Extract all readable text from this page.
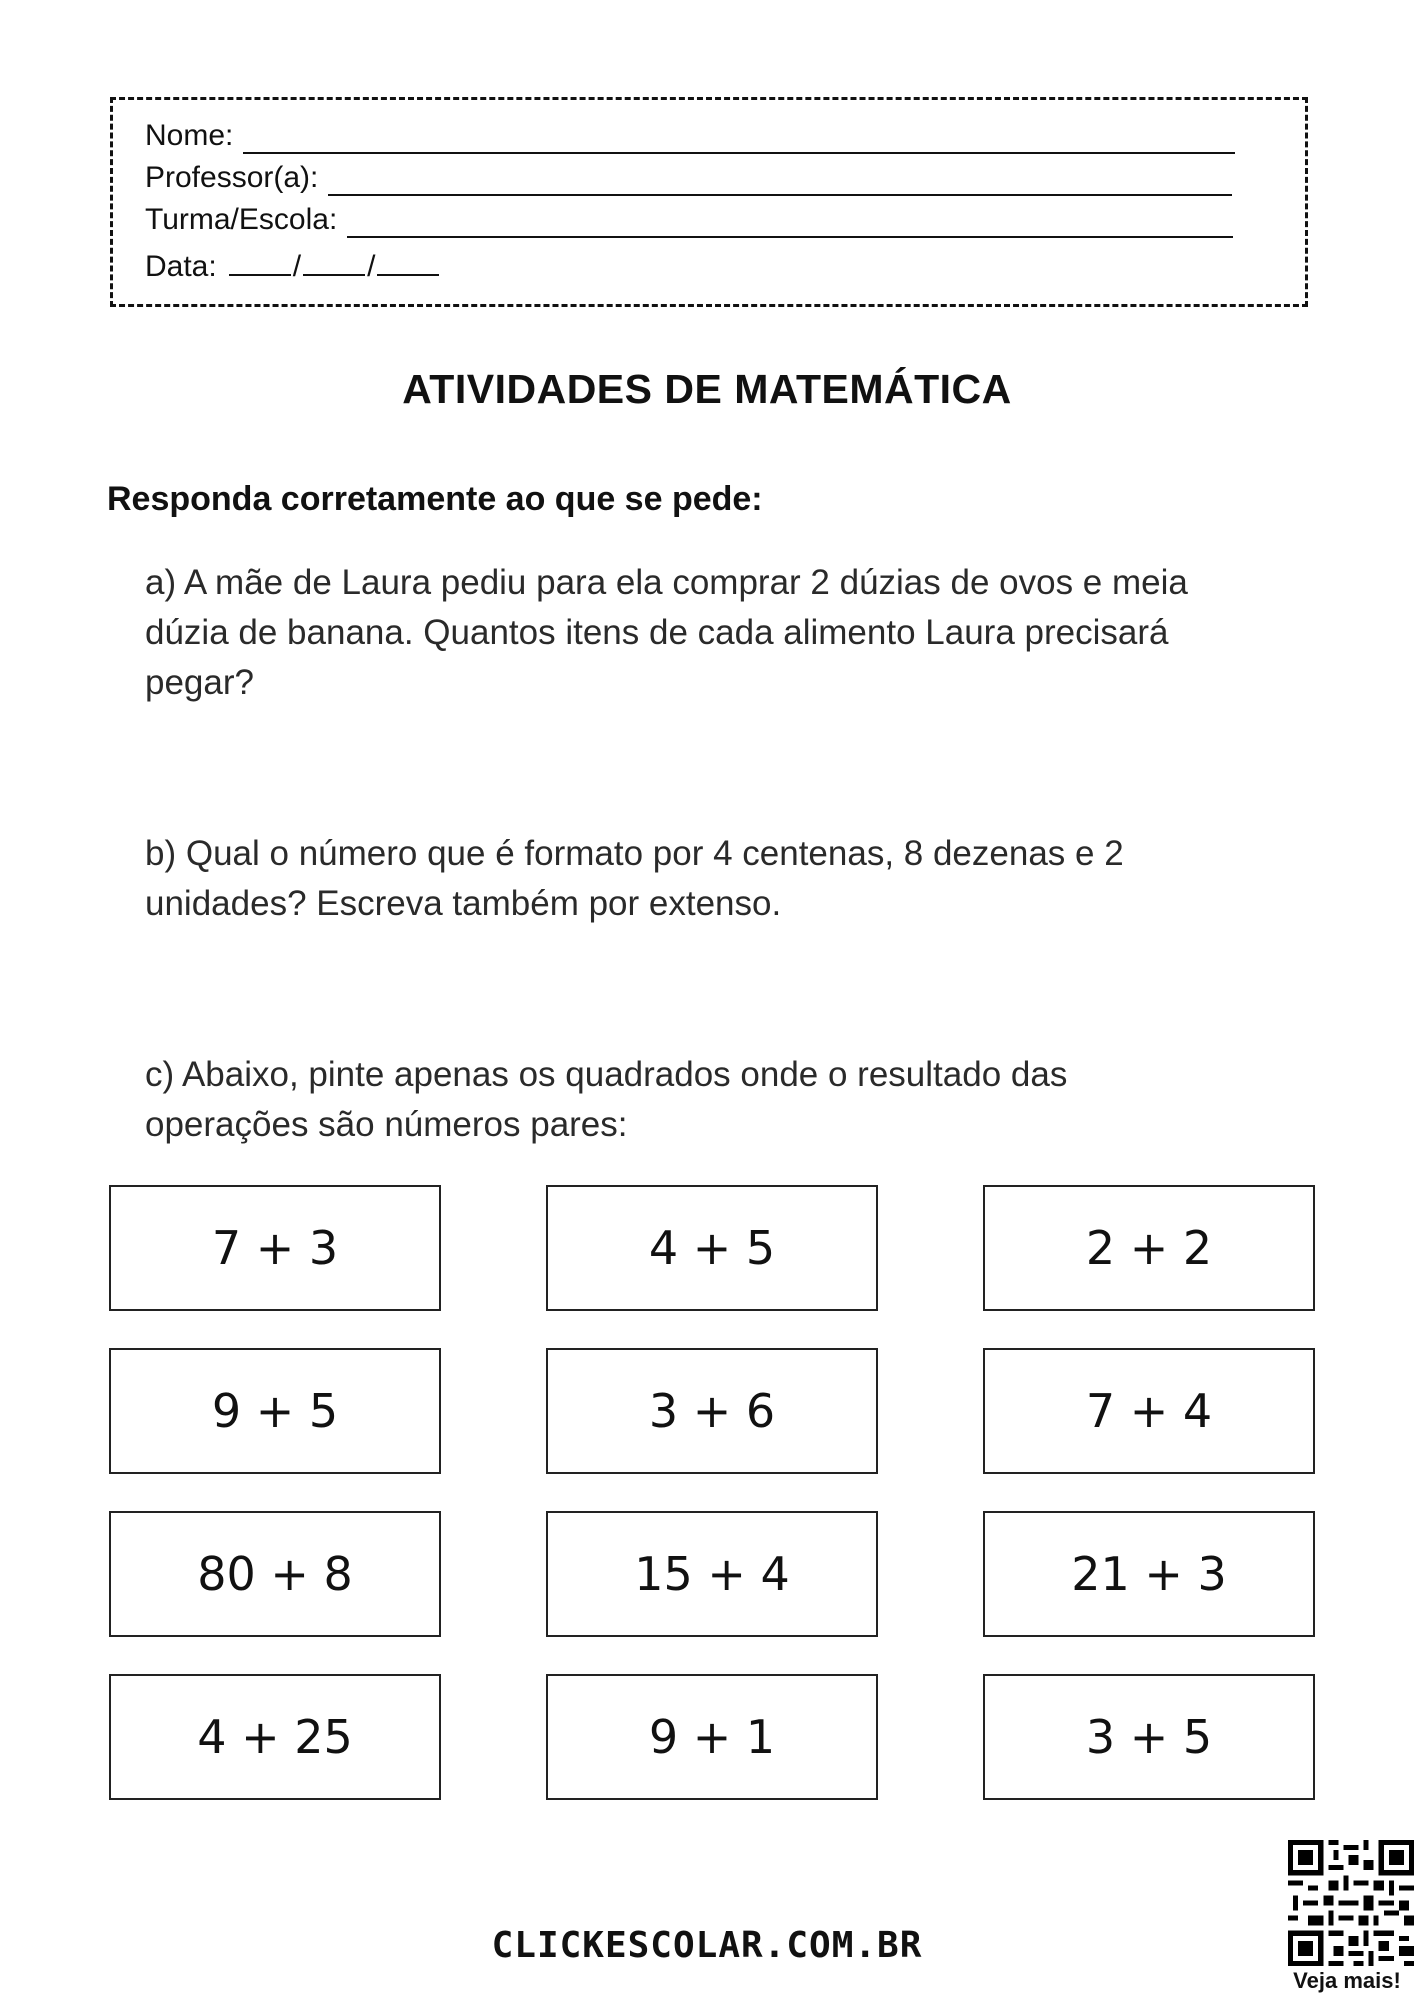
Nome:
Professor(a):
Turma/Escola:
Data:	/ /
ATIVIDADES DE MATEMÁTICA
Responda corretamente ao que se pede:
a) A mãe de Laura pediu para ela comprar 2 dúzias de ovos e meia
dúzia de banana. Quantos itens de cada alimento Laura precisará
pegar?
b) Qual o número que é formato por 4 centenas, 8 dezenas e 2
unidades? Escreva também por extenso.
c) Abaixo, pinte apenas os quadrados onde o resultado das
operações são números pares:
7 + 3	4 + 5	2 + 2
9 + 5	3 + 6	7 + 4
80 + 8	15 + 4	21 + 3
4 + 25	9 + 1	3 + 5
CLICKESCOLAR.COM.BR
Veja mais!
